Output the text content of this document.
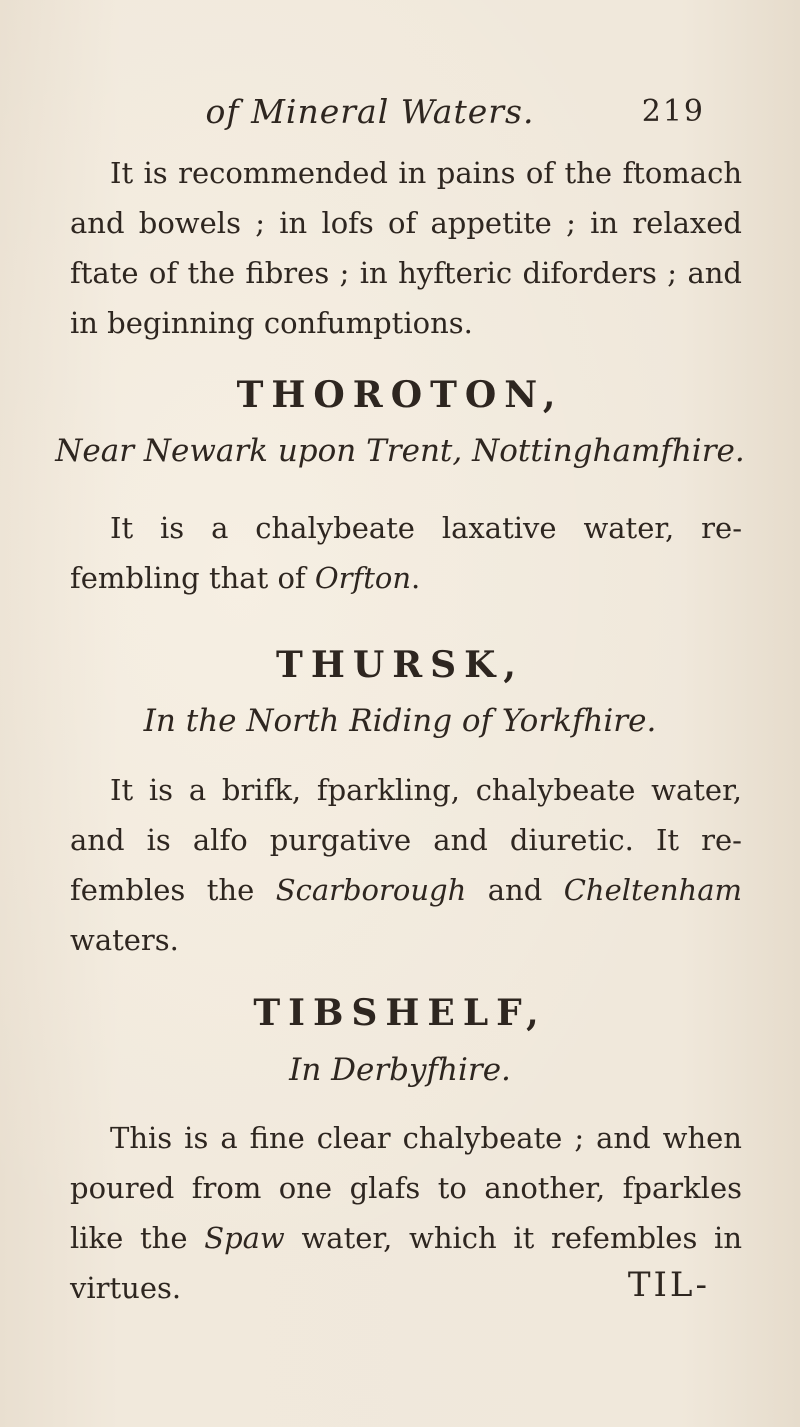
of Mineral Waters.	219

It is recommended in pains of the ftomach and bowels ; in lofs of appetite ; in relaxed ftate of the fibres ; in hyfteric diforders ; and in beginning confumptions.

THOROTON,

Near Newark upon Trent, Nottinghamfhire.

It is a chalybeate laxative water, re-fembling that of Orfton.

THURSK,

In the North Riding of Yorkfhire.

It is a brifk, fparkling, chalybeate water, and is alfo purgative and diuretic. It re-fembles the Scarborough and Cheltenham waters.

TIBSHELF,

In Derbyfhire.

This is a fine clear chalybeate ; and when poured from one glafs to another, fparkles like the Spaw water, which it refembles in virtues.	TIL-
